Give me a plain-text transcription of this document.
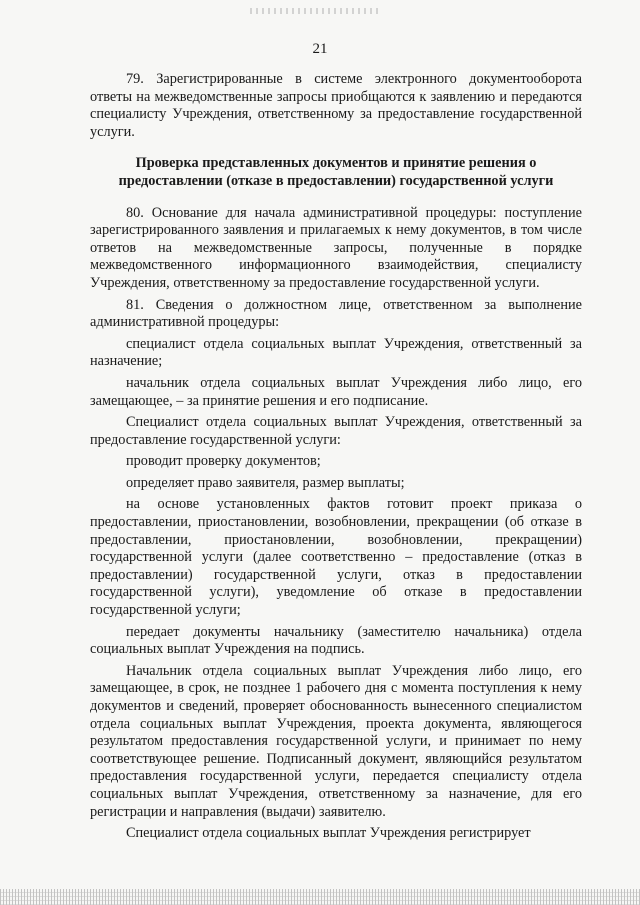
21

79. Зарегистрированные в системе электронного документооборота ответы на межведомственные запросы приобщаются к заявлению и передаются специалисту Учреждения, ответственному за предоставление государственной услуги.

Проверка представленных документов и принятие решения о предоставлении (отказе в предоставлении) государственной услуги

80. Основание для начала административной процедуры: поступление зарегистрированного заявления и прилагаемых к нему документов, в том числе ответов на межведомственные запросы, полученные в порядке межведомственного информационного взаимодействия, специалисту Учреждения, ответственному за предоставление государственной услуги.

81. Сведения о должностном лице, ответственном за выполнение административной процедуры:

специалист отдела социальных выплат Учреждения, ответственный за назначение;

начальник отдела социальных выплат Учреждения либо лицо, его замещающее, – за принятие решения и его подписание.

Специалист отдела социальных выплат Учреждения, ответственный за предоставление государственной услуги:

проводит проверку документов;

определяет право заявителя, размер выплаты;

на основе установленных фактов готовит проект приказа о предоставлении, приостановлении, возобновлении, прекращении (об отказе в предоставлении, приостановлении, возобновлении, прекращении) государственной услуги (далее соответственно – предоставление (отказ в предоставлении) государственной услуги, отказ в предоставлении государственной услуги), уведомление об отказе в предоставлении государственной услуги;

передает документы начальнику (заместителю начальника) отдела социальных выплат Учреждения на подпись.

Начальник отдела социальных выплат Учреждения либо лицо, его замещающее, в срок, не позднее 1 рабочего дня с момента поступления к нему документов и сведений, проверяет обоснованность вынесенного специалистом отдела социальных выплат Учреждения, проекта документа, являющегося результатом предоставления государственной услуги, и принимает по нему соответствующее решение. Подписанный документ, являющийся результатом предоставления государственной услуги, передается специалисту отдела социальных выплат Учреждения, ответственному за назначение, для его регистрации и направления (выдачи) заявителю.

Специалист отдела социальных выплат Учреждения регистрирует
